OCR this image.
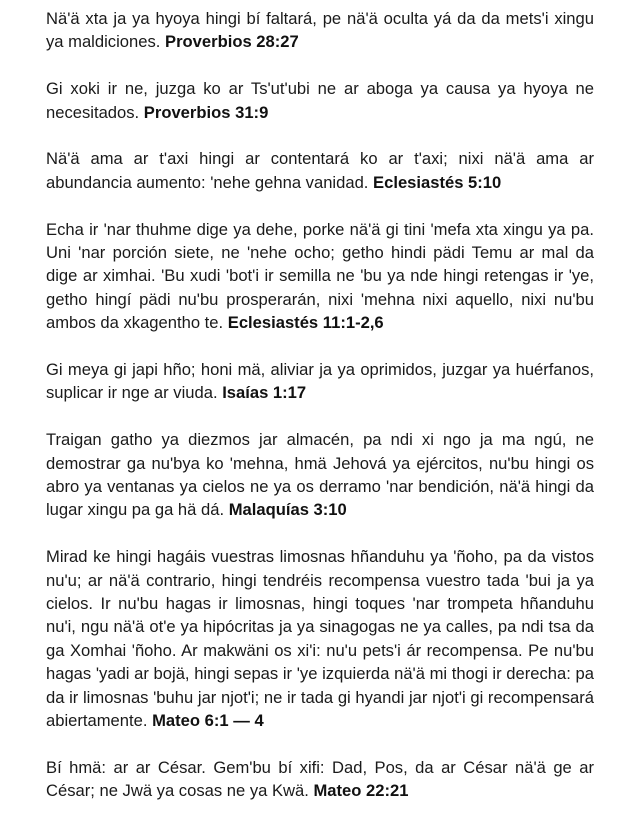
Nä'ä xta ja ya hyoya hingi bí faltará, pe nä'ä oculta yá da da mets'i xingu ya maldiciones. Proverbios 28:27

Gi xoki ir ne, juzga ko ar Ts'ut'ubi ne ar aboga ya causa ya hyoya ne necesitados. Proverbios 31:9

Nä'ä ama ar t'axi hingi ar contentará ko ar t'axi; nixi nä'ä ama ar abundancia aumento: 'nehe gehna vanidad. Eclesiastés 5:10

Echa ir 'nar thuhme dige ya dehe, porke nä'ä gi tini 'mefa xta xingu ya pa. Uni 'nar porción siete, ne 'nehe ocho; getho hindi pädi Temu ar mal da dige ar ximhai. 'Bu xudi 'bot'i ir semilla ne 'bu ya nde hingi retengas ir 'ye, getho hingí pädi nu'bu prosperarán, nixi 'mehna nixi aquello, nixi nu'bu ambos da xkagentho te. Eclesiastés 11:1-2,6

Gi meya gi japi hño; honi mä, aliviar ja ya oprimidos, juzgar ya huérfanos, suplicar ir nge ar viuda. Isaías 1:17

Traigan gatho ya diezmos jar almacén, pa ndi xi ngo ja ma ngú, ne demostrar ga nu'bya ko 'mehna, hmä Jehová ya ejércitos, nu'bu hingi os abro ya ventanas ya cielos ne ya os derramo 'nar bendición, nä'ä hingi da lugar xingu pa ga hä dá. Malaquías 3:10

Mirad ke hingi hagáis vuestras limosnas hñanduhu ya 'ñoho, pa da vistos nu'u; ar nä'ä contrario, hingi tendréis recompensa vuestro tada 'bui ja ya cielos. Ir nu'bu hagas ir limosnas, hingi toques 'nar trompeta hñanduhu nu'i, ngu nä'ä ot'e ya hipócritas ja ya sinagogas ne ya calles, pa ndi tsa da ga Xomhai 'ñoho. Ar makwäni os xi'i: nu'u pets'i ár recompensa. Pe nu'bu hagas 'yadi ar bojä, hingi sepas ir 'ye izquierda nä'ä mi thogi ir derecha: pa da ir limosnas 'buhu jar njot'i; ne ir tada gi hyandi jar njot'i gi recompensará abiertamente. Mateo 6:1 — 4

Bí hmä: ar ar César. Gem'bu bí xifi: Dad, Pos, da ar César nä'ä ge ar César; ne Jwä ya cosas ne ya Kwä. Mateo 22:21
